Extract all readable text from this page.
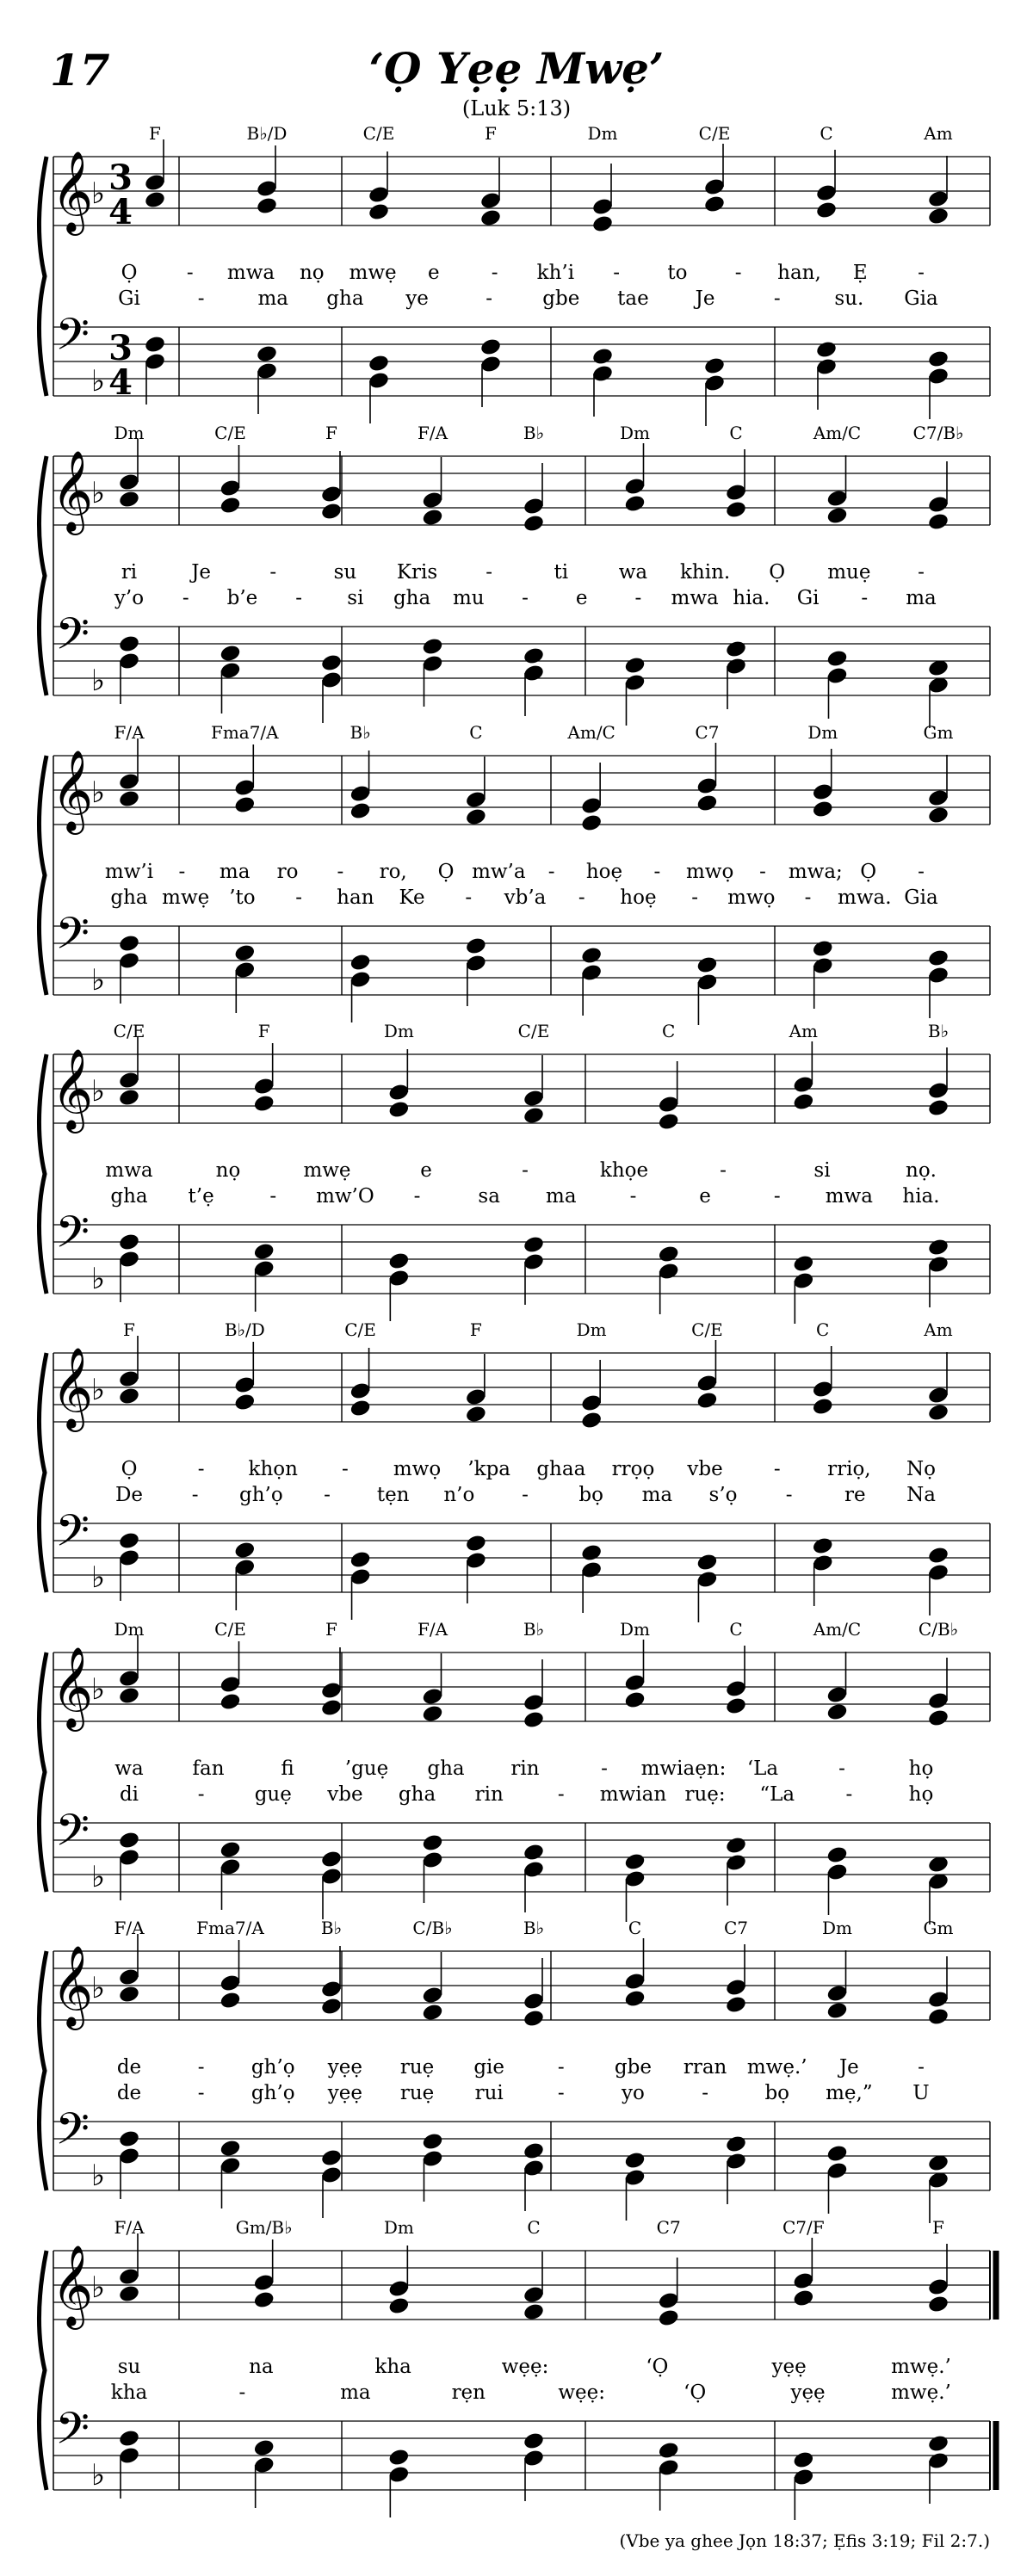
17	‘Ọ Yẹẹ Mwẹ’
(Luk 5:13)
𝄞
𝄢
♭
♭
3
4
3
4
F	B♭/D	C/E	F	Dm	C/E	C	Am
Ọ - mwa nọ mwẹ e	- kh’i - to - han, Ẹ	-
Gi	-	ma gha ye	-	gbe tae Je	-	su. Gia
𝄞
𝄢
♭
♭
Dm	C/E	F	F/A	B♭	Dm	C	Am/C	C7/B♭
ri	Je	-	su Kris -	ti	wa khin. Ọ muẹ -
y’o - b’e - si gha mu - e - mwa hia. Gi - ma
𝄞
𝄢
♭
♭
F/A	Fma7/A	B♭	C	Am/C	C7	Dm	Gm
mw’i - ma ro - ro, Ọ mw’a - hoẹ - mwọ - mwa; Ọ -
gha mwẹ ’to - han Ke - vb’a - hoẹ - mwọ - mwa. Gia
𝄞
𝄢
♭
♭
C/E	F	Dm	C/E	C	Am	B♭
mwa	nọ	mwẹ	e	-	khọe	-	si	nọ.
gha t’ẹ	- mw’O -	sa ma	-	e	- mwa hia.
𝄞
𝄢
♭
♭
F	B♭/D	C/E	F	Dm	C/E	C	Am
Ọ	- khọn - mwọ ’kpa ghaa rrọọ vbe	- rriọ, Nọ
De - gh’ọ - tẹn n’o -	bọ ma s’ọ -	re Na
𝄞
𝄢
♭
♭
Dm	C/E	F	F/A	B♭	Dm	C	Am/C	C/B♭
wa fan	fi	’guẹ gha rin	- mwiaẹn: ‘La	-	họ
di	-	guẹ vbe gha rin	- mwian ruẹ: “La	-	họ
𝄞
𝄢
♭
♭
F/A	Fma7/A	B♭	C/B♭	B♭	C	C7	Dm	Gm
de	- gh’ọ yẹẹ ruẹ gie	-	gbe rran mwẹ.’ Je	-
de	- gh’ọ yẹẹ ruẹ rui	-	yo	-	bọ mẹ,” U
𝄞
𝄢
♭
♭
F/A	Gm/B♭	Dm	C	C7	C7/F	F
su	na	kha	wẹẹ:	‘Ọ	yẹẹ	mwẹ.’
kha	-	ma	rẹn	wẹẹ:	‘Ọ	yẹẹ	mwẹ.’
(Vbe ya ghee Jọn 18:37; Ẹfis 3:19; Fil 2:7.)
